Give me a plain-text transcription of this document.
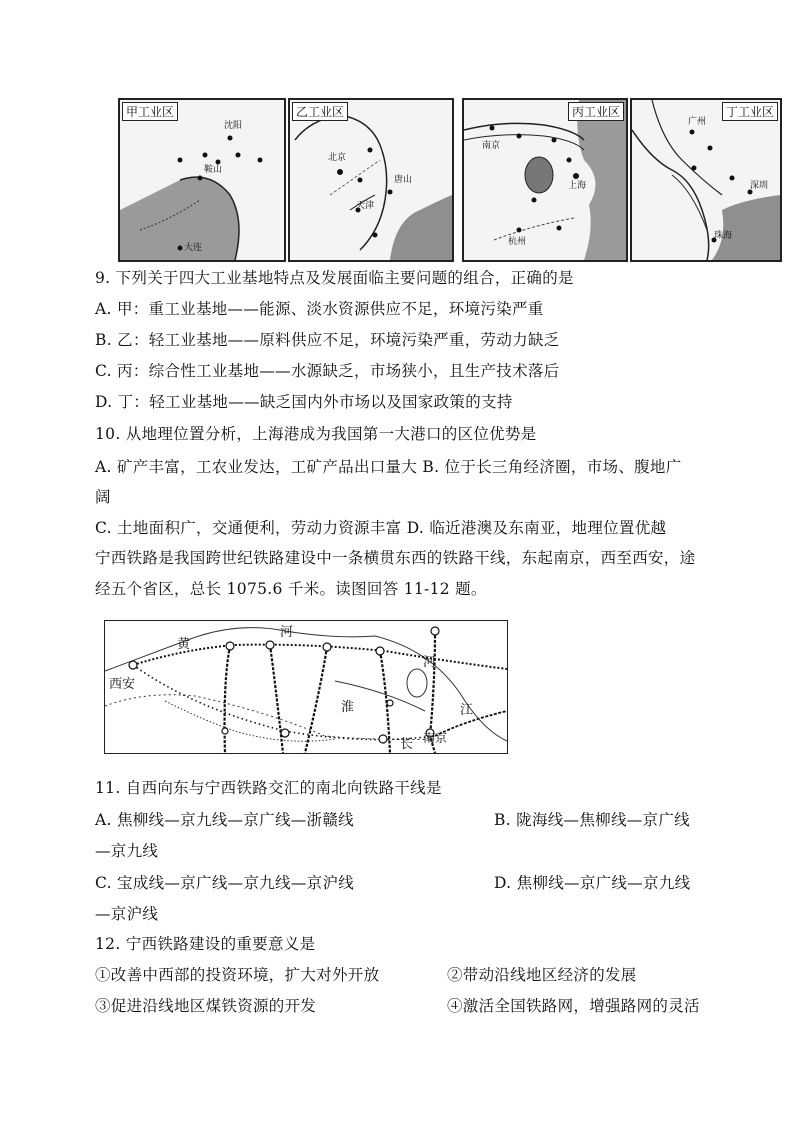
甲工业区
沈阳
鞍山
大连
乙工业区
北京
唐山
天津
丙工业区
南京
上海
杭州
丁工业区
广州
深圳
珠海
9. 下列关于四大工业基地特点及发展面临主要问题的组合，正确的是
A. 甲：重工业基地——能源、淡水资源供应不足，环境污染严重
B. 乙：轻工业基地——原料供应不足，环境污染严重，劳动力缺乏
C. 丙：综合性工业基地——水源缺乏，市场狭小，且生产技术落后
D. 丁：轻工业基地——缺乏国内外市场以及国家政策的支持
10. 从地理位置分析，上海港成为我国第一大港口的区位优势是
A. 矿产丰富，工农业发达，工矿产品出口量大 B. 位于长三角经济圈，市场、腹地广
阔
C. 土地面积广，交通便利，劳动力资源丰富 D. 临近港澳及东南亚，地理位置优越
宁西铁路是我国跨世纪铁路建设中一条横贯东西的铁路干线，东起南京，西至西安，途
经五个省区，总长 1075.6 千米。读图回答 11-12 题。
黄
河
西安
河
淮	江
长 南京
11. 自西向东与宁西铁路交汇的南北向铁路干线是
A. 焦柳线—京九线—京广线—浙赣线	B. 陇海线—焦柳线—京广线
—京九线
C. 宝成线—京广线—京九线—京沪线	D. 焦柳线—京广线—京九线
—京沪线
12. 宁西铁路建设的重要意义是
①改善中西部的投资环境，扩大对外开放	②带动沿线地区经济的发展
③促进沿线地区煤铁资源的开发	④激活全国铁路网，增强路网的灵活
